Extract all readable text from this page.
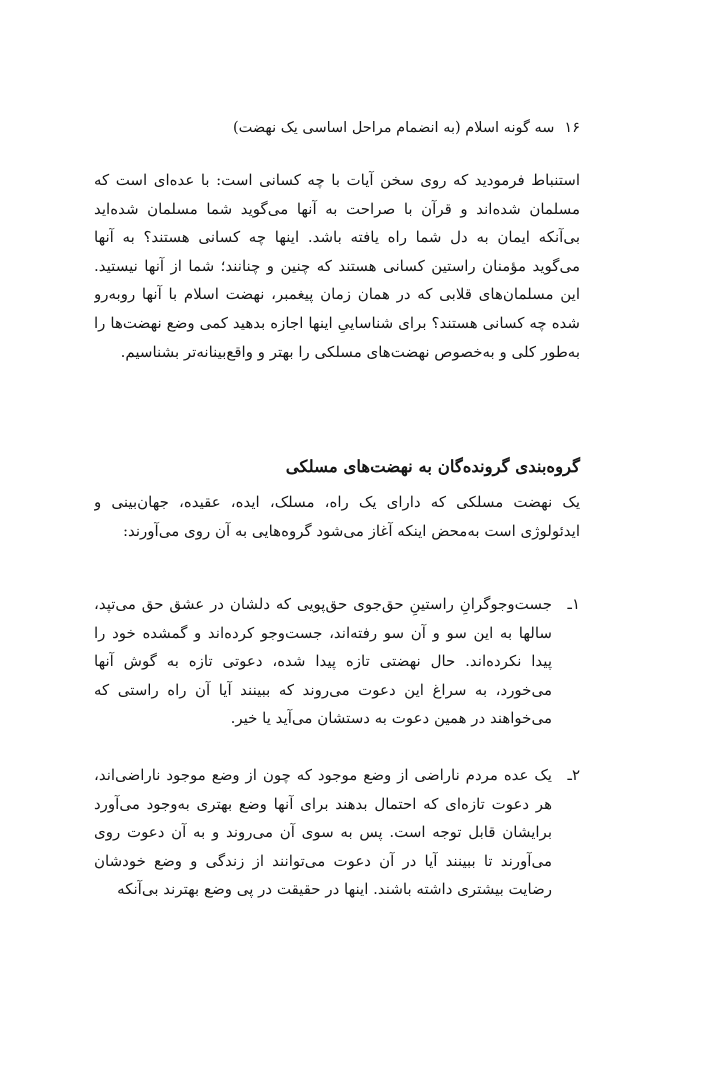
۱۶سه گونه اسلام (به انضمام مراحل اساسی یک نهضت)

استنباط فرمودید که روی سخن آیات با چه کسانی است: با عده‌ای است که مسلمان شده‌اند و قرآن با صراحت به آنها می‌گوید شما مسلمان شده‌اید بی‌آنکه ایمان به دل شما راه یافته باشد. اینها چه کسانی هستند؟ به آنها می‌گوید مؤمنان راستین کسانی هستند که چنین و چنانند؛ شما از آنها نیستید. این مسلمان‌های قلابی که در همان زمان پیغمبر، نهضت اسلام با آنها روبه‌رو شده چه کسانی هستند؟ برای شناساییِ اینها اجازه بدهید کمی وضع نهضت‌ها را به‌طور کلی و به‌خصوص نهضت‌های مسلکی را بهتر و واقع‌بینانه‌تر بشناسیم.

گروه‌بندی گرونده‌گان به نهضت‌های مسلکی

یک نهضت مسلکی که دارای یک راه، مسلک، ایده، عقیده، جهان‌بینی و ایدئولوژی است به‌محض اینکه آغاز می‌شود گروه‌هایی به آن روی می‌آورند:

۱ـ
جست‌وجوگرانِ راستینِ حق‌جوی حق‌پویی که دلشان در عشق حق می‌تپد، سالها به این سو و آن سو رفته‌اند، جست‌وجو کرده‌اند و گمشده خود را پیدا نکرده‌اند. حال نهضتی تازه پیدا شده، دعوتی تازه به گوش آنها می‌خورد، به سراغ این دعوت می‌روند که ببینند آیا آن راه راستی که می‌خواهند در همین دعوت به دستشان می‌آید یا خیر.
۲ـ
یک عده مردم ناراضی از وضع موجود که چون از وضع موجود ناراضی‌اند، هر دعوت تازه‌ای که احتمال بدهند برای آنها وضع بهتری به‌وجود می‌آورد برایشان قابل توجه است. پس به سوی آن می‌روند و به آن دعوت روی می‌آورند تا ببینند آیا در آن دعوت می‌توانند از زندگی و وضع خودشان رضایت بیشتری داشته باشند. اینها در حقیقت در پی وضع بهترند بی‌آنکه
